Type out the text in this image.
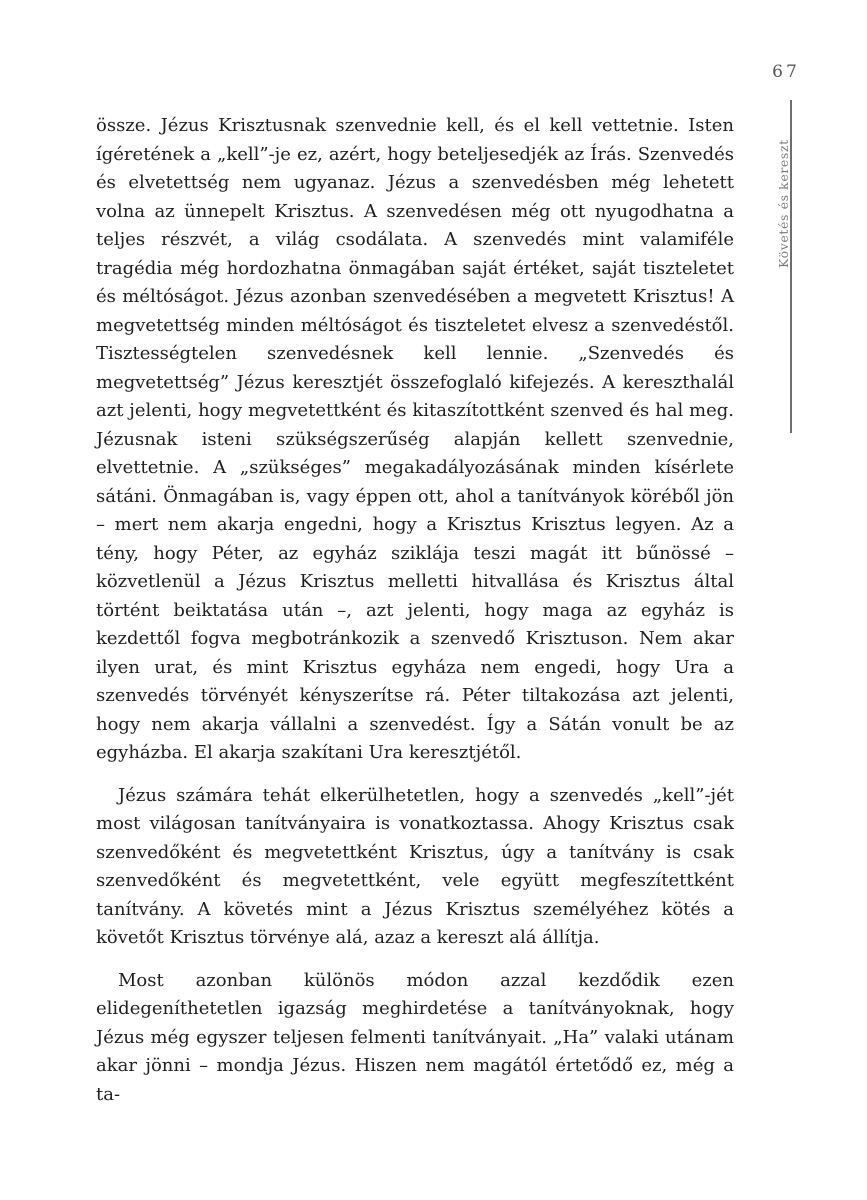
67
Követés és kereszt

össze. Jézus Krisztusnak szenvednie kell, és el kell vettetnie. Isten ígéretének a „kell”-je ez, azért, hogy beteljesedjék az Írás. Szenvedés és elvetettség nem ugyanaz. Jézus a szenvedésben még lehetett volna az ünnepelt Krisztus. A szenvedésen még ott nyugodhatna a teljes részvét, a világ csodálata. A szenvedés mint valamiféle tragédia még hordozhatna önmagában saját értéket, saját tiszteletet és méltóságot. Jézus azonban szenvedésében a megvetett Krisztus! A megvetettség minden méltóságot és tiszteletet elvesz a szenvedéstől. Tisztességtelen szenvedésnek kell lennie. „Szenvedés és megvetettség” Jézus keresztjét összefoglaló kifejezés. A kereszthalál azt jelenti, hogy megvetettként és kitaszítottként szenved és hal meg. Jézusnak isteni szükségszerűség alapján kellett szenvednie, elvettetnie. A „szükséges” megakadályozásának minden kísérlete sátáni. Önmagában is, vagy éppen ott, ahol a tanítványok köréből jön – mert nem akarja engedni, hogy a Krisztus Krisztus legyen. Az a tény, hogy Péter, az egyház sziklája teszi magát itt bűnössé – közvetlenül a Jézus Krisztus melletti hitvallása és Krisztus által történt beiktatása után –, azt jelenti, hogy maga az egyház is kezdettől fogva megbotránkozik a szenvedő Krisztuson. Nem akar ilyen urat, és mint Krisztus egyháza nem engedi, hogy Ura a szenvedés törvényét kényszerítse rá. Péter tiltakozása azt jelenti, hogy nem akarja vállalni a szenvedést. Így a Sátán vonult be az egyházba. El akarja szakítani Ura keresztjétől.

Jézus számára tehát elkerülhetetlen, hogy a szenvedés „kell”-jét most világosan tanítványaira is vonatkoztassa. Ahogy Krisztus csak szenvedőként és megvetettként Krisztus, úgy a tanítvány is csak szenvedőként és megvetettként, vele együtt megfeszítettként tanítvány. A követés mint a Jézus Krisztus személyéhez kötés a követőt Krisztus törvénye alá, azaz a kereszt alá állítja.

Most azonban különös módon azzal kezdődik ezen elidegeníthetetlen igazság meghirdetése a tanítványoknak, hogy Jézus még egyszer teljesen felmenti tanítványait. „Ha” valaki utánam akar jönni – mondja Jézus. Hiszen nem magától értetődő ez, még a ta-
